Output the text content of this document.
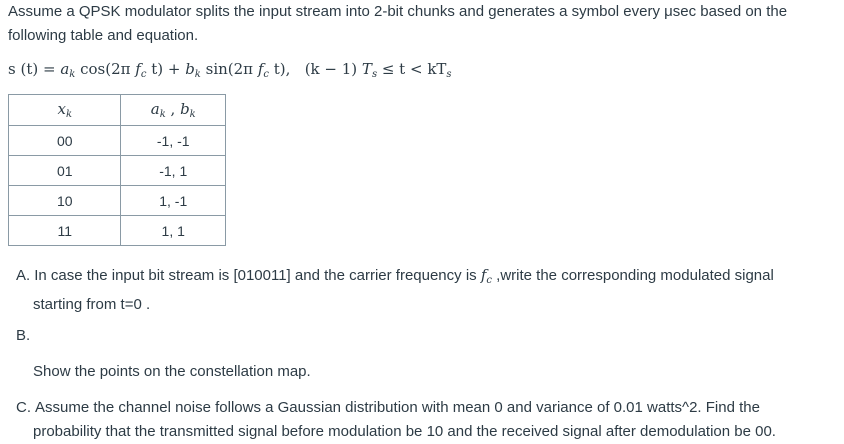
Assume a QPSK modulator splits the input stream into 2-bit chunks and generates a symbol every μsec based on the following table and equation.
s $(t) = a_k$ cos(2π $f_c$ $t) + b_k$ sin(2π $f_c$ t),   (k − 1) $T_s \le t < kT_s$
$x_k$	$a_k$ , $b_k$
00	-1, -1
01	-1, 1
10	1, -1
11	1, 1
A. In case the input bit stream is [010011] and the carrier frequency is $f_c$ ,write the corresponding modulated signal
starting from t=0 .
B.
Show the points on the constellation map.
C. Assume the channel noise follows a Gaussian distribution with mean 0 and variance of 0.01 watts^2. Find the
probability that the transmitted signal before modulation be 10 and the received signal after demodulation be 00.
